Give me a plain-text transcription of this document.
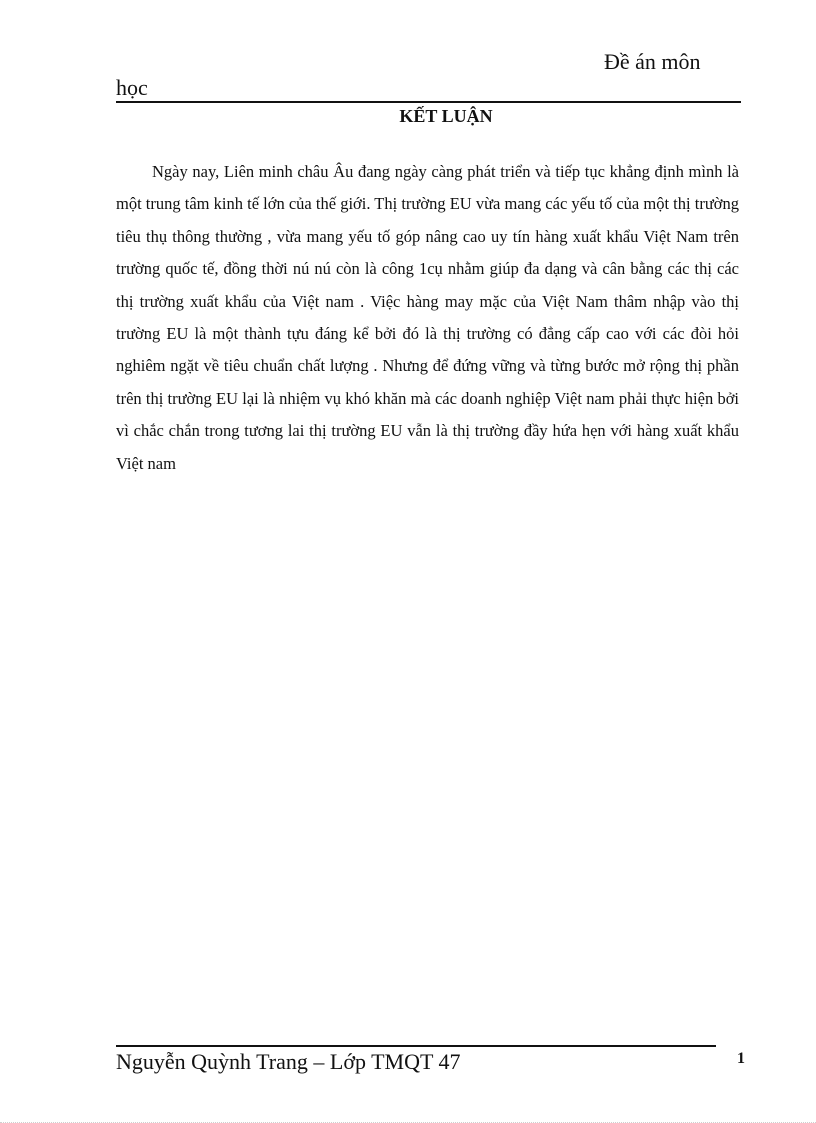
Đề án môn
học
KẾT LUẬN

Ngày nay, Liên minh châu Âu đang ngày càng phát triển và tiếp tục khẳng định mình là một trung tâm kinh tế lớn của thế giới. Thị trường EU vừa mang các yếu tố của một thị trường tiêu thụ thông thường , vừa mang yếu tố góp nâng cao uy tín hàng xuất khẩu Việt Nam trên trường quốc tế, đồng thời nú nú còn là công 1cụ nhằm giúp đa dạng và cân bằng các thị các thị trường xuất khẩu của Việt nam . Việc hàng may mặc của Việt Nam thâm nhập vào thị trường EU là một thành tựu đáng kể bởi đó là thị trường có đẳng cấp cao với các đòi hỏi nghiêm ngặt về tiêu chuẩn chất lượng . Nhưng để đứng vững và từng bước mở rộng thị phần trên thị trường EU lại là nhiệm vụ khó khăn mà các doanh nghiệp Việt nam phải thực hiện bởi vì chắc chắn trong tương lai thị trường EU vẫn là thị trường đầy hứa hẹn với hàng xuất khẩu Việt nam

Nguyễn Quỳnh Trang – Lớp TMQT 47	1
